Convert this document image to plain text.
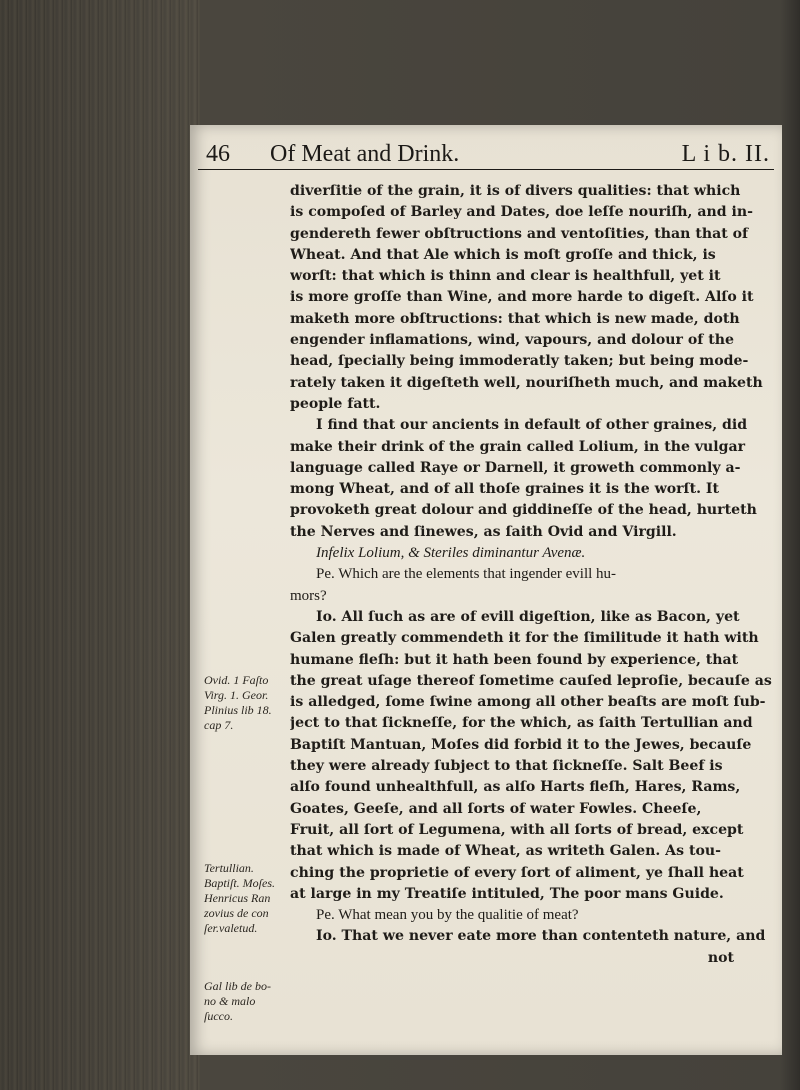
46 Of Meat and Drink.	L i b. II.
Ovid. 1 Faſto
Virg. 1. Geor.
Plinius lib 18.
cap 7.
Tertullian.
Baptiſt. Moſes.
Henricus Ran
zovius de con
ſer.valetud.
Gal lib de bo-
no & malo
ſucco.
diverſitie of the grain, it is of divers qualities: that which
is compoſed of Barley and Dates, doe leſſe nouriſh, and in-
gendereth fewer obſtructions and ventoſities, than that of
Wheat. And that Ale which is moſt groſſe and thick, is
worſt: that which is thinn and clear is healthfull, yet it
is more groſſe than Wine, and more harde to digeſt. Alſo it
maketh more obſtructions: that which is new made, doth
engender inflamations, wind, vapours, and dolour of the
head, ſpecially being immoderatly taken; but being mode-
rately taken it digeſteth well, nouriſheth much, and maketh
people fatt.
I find that our ancients in default of other graines, did
make their drink of the grain called Lolium, in the vulgar
language called Raye or Darnell, it groweth commonly a-
mong Wheat, and of all thoſe graines it is the worſt. It
provoketh great dolour and giddineſſe of the head, hurteth
the Nerves and ſinewes, as ſaith Ovid and Virgill.
Infelix Lolium, & Steriles diminantur Avenæ.
Pe. Which are the elements that ingender evill hu-
mors?
Io. All ſuch as are of evill digeſtion, like as Bacon, yet
Galen greatly commendeth it for the ſimilitude it hath with
humane fleſh: but it hath been found by experience, that
the great uſage thereof ſometime cauſed leproſie, becauſe as
is alledged, ſome ſwine among all other beaſts are moſt ſub-
ject to that ſickneſſe, for the which, as ſaith Tertullian and
Baptiſt Mantuan, Moſes did forbid it to the Jewes, becauſe
they were already ſubject to that ſickneſſe. Salt Beef is
alſo found unhealthfull, as alſo Harts fleſh, Hares, Rams,
Goates, Geeſe, and all ſorts of water Fowles. Cheeſe,
Fruit, all ſort of Legumena, with all ſorts of bread, except
that which is made of Wheat, as writeth Galen. As tou-
ching the proprietie of every ſort of aliment, ye ſhall heat
at large in my Treatiſe intituled, The poor mans Guide.
Pe. What mean you by the qualitie of meat?
Io. That we never eate more than contenteth nature, and
not
